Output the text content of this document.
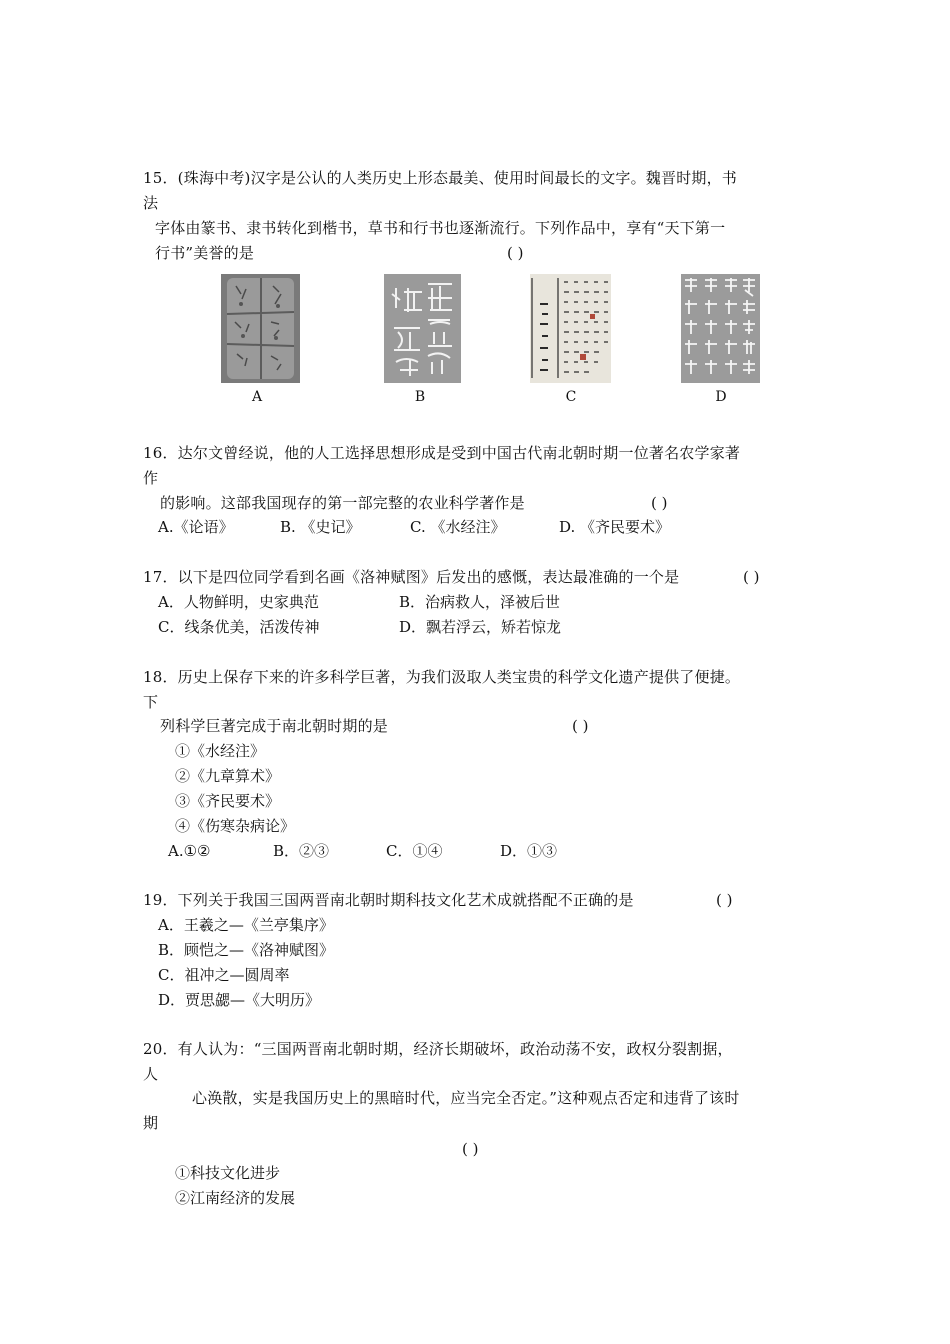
15．(珠海中考)汉字是公认的人类历史上形态最美、使用时间最长的文字。魏晋时期，书
法
字体由篆书、隶书转化到楷书，草书和行书也逐渐流行。下列作品中，享有“天下第一
行书”美誉的是	( )
A	B	C	D
16．达尔文曾经说，他的人工选择思想形成是受到中国古代南北朝时期一位著名农学家著
作
的影响。这部我国现存的第一部完整的农业科学著作是	( )
A.《论语》	B. 《史记》	C. 《水经注》	D. 《齐民要术》
17．以下是四位同学看到名画《洛神赋图》后发出的感慨，表达最准确的一个是	( )
A．人物鲜明，史家典范	B．治病救人，泽被后世
C．线条优美，活泼传神	D．飘若浮云，矫若惊龙
18．历史上保存下来的许多科学巨著，为我们汲取人类宝贵的科学文化遗产提供了便捷。
下
列科学巨著完成于南北朝时期的是	( )
①《水经注》
②《九章算术》
③《齐民要术》
④《伤寒杂病论》
A.①②	B．②③	C．①④	D．①③
19．下列关于我国三国两晋南北朝时期科技文化艺术成就搭配不正确的是	( )
A．王羲之—《兰亭集序》
B．顾恺之—《洛神赋图》
C．祖冲之—圆周率
D．贾思勰—《大明历》
20．有人认为：“三国两晋南北朝时期，经济长期破坏，政治动荡不安，政权分裂割据，
人
心涣散，实是我国历史上的黑暗时代，应当完全否定。”这种观点否定和违背了该时
期
( )
①科技文化进步
②江南经济的发展
